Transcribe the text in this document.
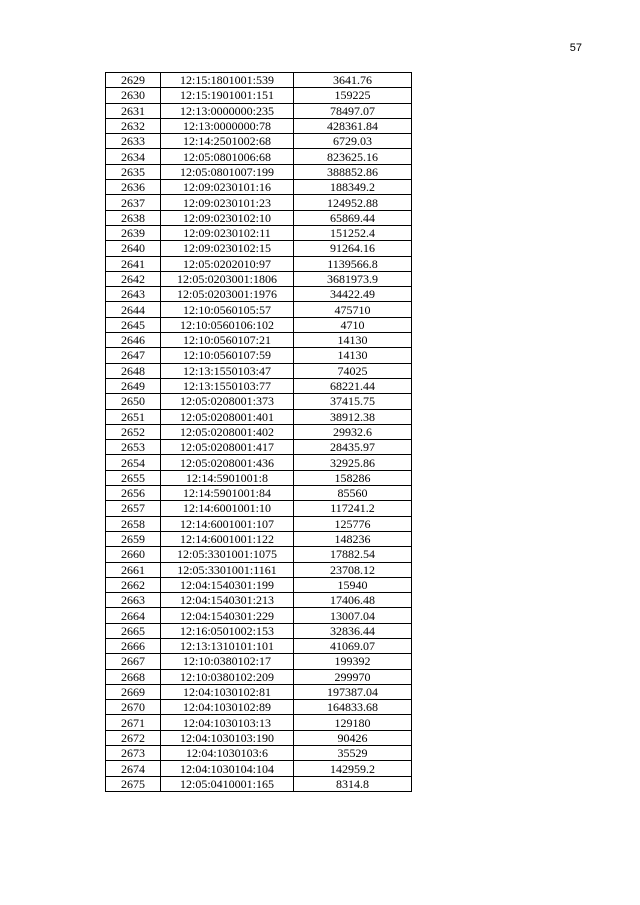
57
2629	12:15:1801001:539	3641.76
2630	12:15:1901001:151	159225
2631	12:13:0000000:235	78497.07
2632	12:13:0000000:78	428361.84
2633	12:14:2501002:68	6729.03
2634	12:05:0801006:68	823625.16
2635	12:05:0801007:199	388852.86
2636	12:09:0230101:16	188349.2
2637	12:09:0230101:23	124952.88
2638	12:09:0230102:10	65869.44
2639	12:09:0230102:11	151252.4
2640	12:09:0230102:15	91264.16
2641	12:05:0202010:97	1139566.8
2642	12:05:0203001:1806	3681973.9
2643	12:05:0203001:1976	34422.49
2644	12:10:0560105:57	475710
2645	12:10:0560106:102	4710
2646	12:10:0560107:21	14130
2647	12:10:0560107:59	14130
2648	12:13:1550103:47	74025
2649	12:13:1550103:77	68221.44
2650	12:05:0208001:373	37415.75
2651	12:05:0208001:401	38912.38
2652	12:05:0208001:402	29932.6
2653	12:05:0208001:417	28435.97
2654	12:05:0208001:436	32925.86
2655	12:14:5901001:8	158286
2656	12:14:5901001:84	85560
2657	12:14:6001001:10	117241.2
2658	12:14:6001001:107	125776
2659	12:14:6001001:122	148236
2660	12:05:3301001:1075	17882.54
2661	12:05:3301001:1161	23708.12
2662	12:04:1540301:199	15940
2663	12:04:1540301:213	17406.48
2664	12:04:1540301:229	13007.04
2665	12:16:0501002:153	32836.44
2666	12:13:1310101:101	41069.07
2667	12:10:0380102:17	199392
2668	12:10:0380102:209	299970
2669	12:04:1030102:81	197387.04
2670	12:04:1030102:89	164833.68
2671	12:04:1030103:13	129180
2672	12:04:1030103:190	90426
2673	12:04:1030103:6	35529
2674	12:04:1030104:104	142959.2
2675	12:05:0410001:165	8314.8
